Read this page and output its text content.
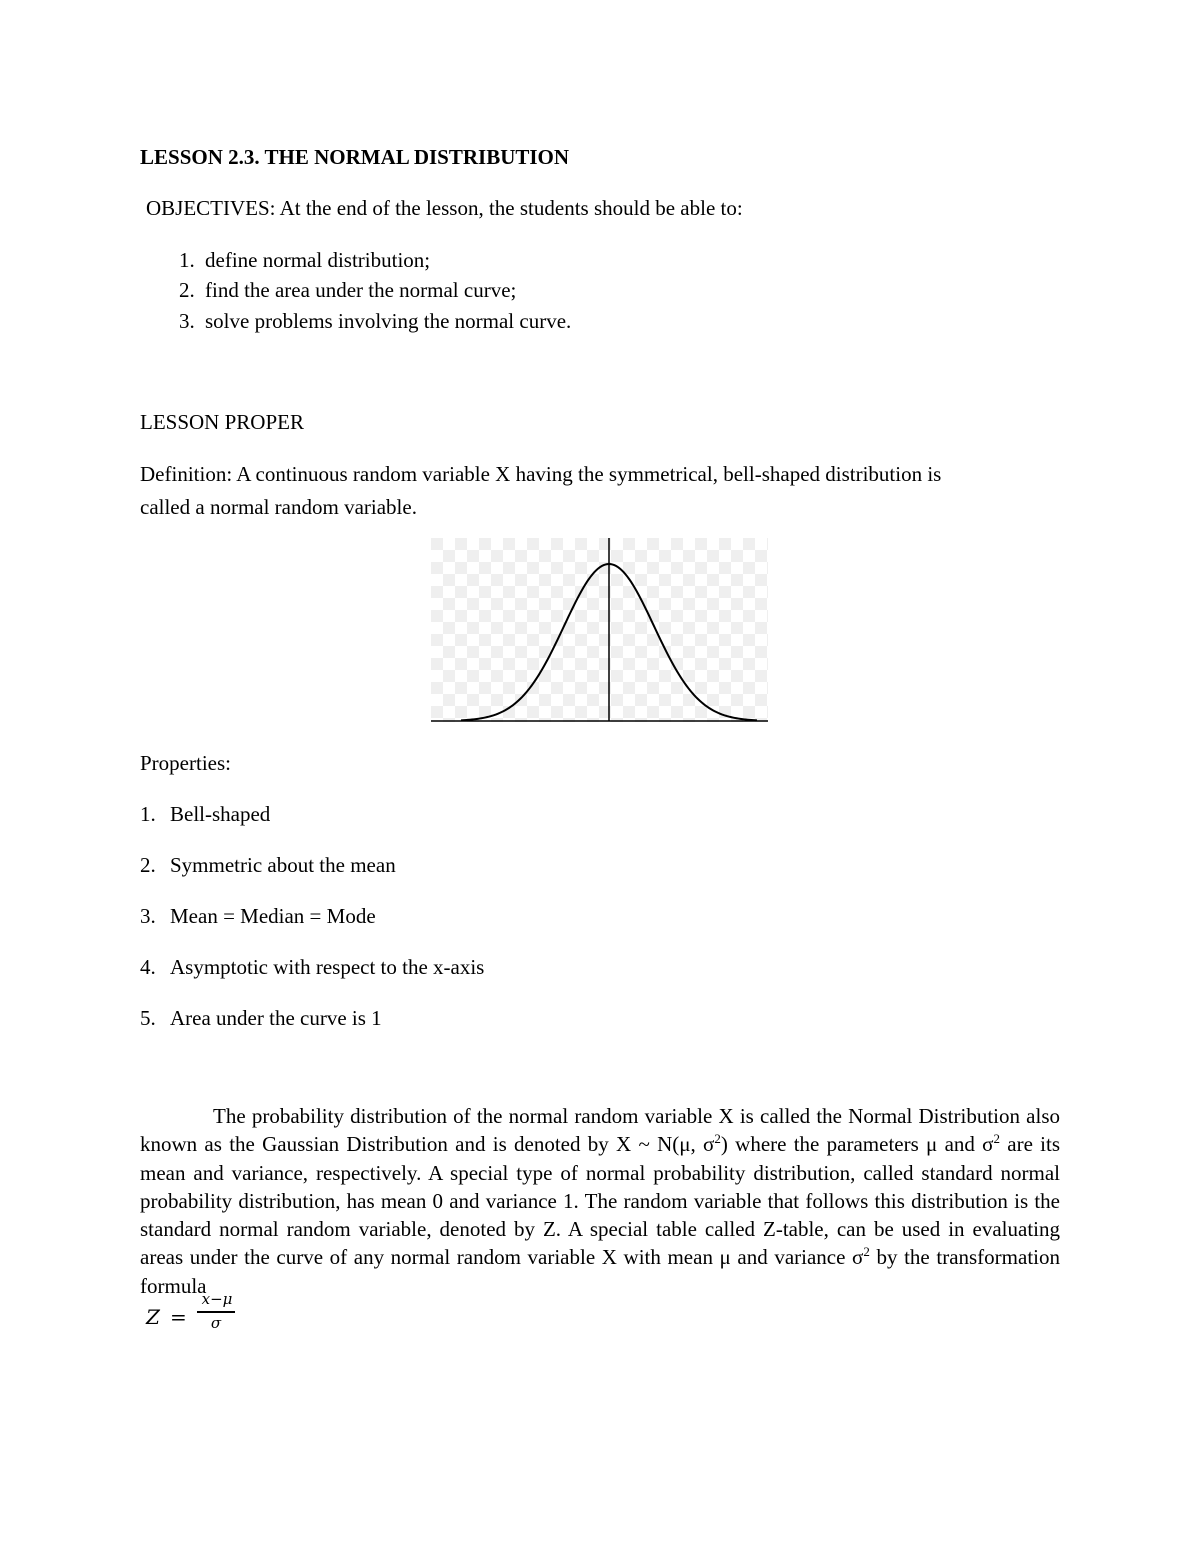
LESSON 2.3. THE NORMAL DISTRIBUTION
OBJECTIVES: At the end of the lesson, the students should be able to:
1. define normal distribution;
2. find the area under the normal curve;
3. solve problems involving the normal curve.
LESSON PROPER
Definition: A continuous random variable X having the symmetrical, bell-shaped distribution is
called a normal random variable.
Properties:
1. Bell-shaped
2. Symmetric about the mean
3. Mean = Median = Mode
4. Asymptotic with respect to the x-axis
5. Area under the curve is 1
The probability distribution of the normal random variable X is called the Normal Distribution also known as the Gaussian Distribution and is denoted by X ~ N(μ, $\sigma^2$) where the parameters μ and $\sigma^2$ are its mean and variance, respectively. A special type of normal probability distribution, called standard normal probability distribution, has mean 0 and variance 1. The random variable that follows this distribution is the standard normal random variable, denoted by Z. A special table called Z-table, can be used in evaluating areas under the curve of any normal random variable X with mean μ and variance $\sigma^2$ by the transformation formula
Z =
x−μ
σ
